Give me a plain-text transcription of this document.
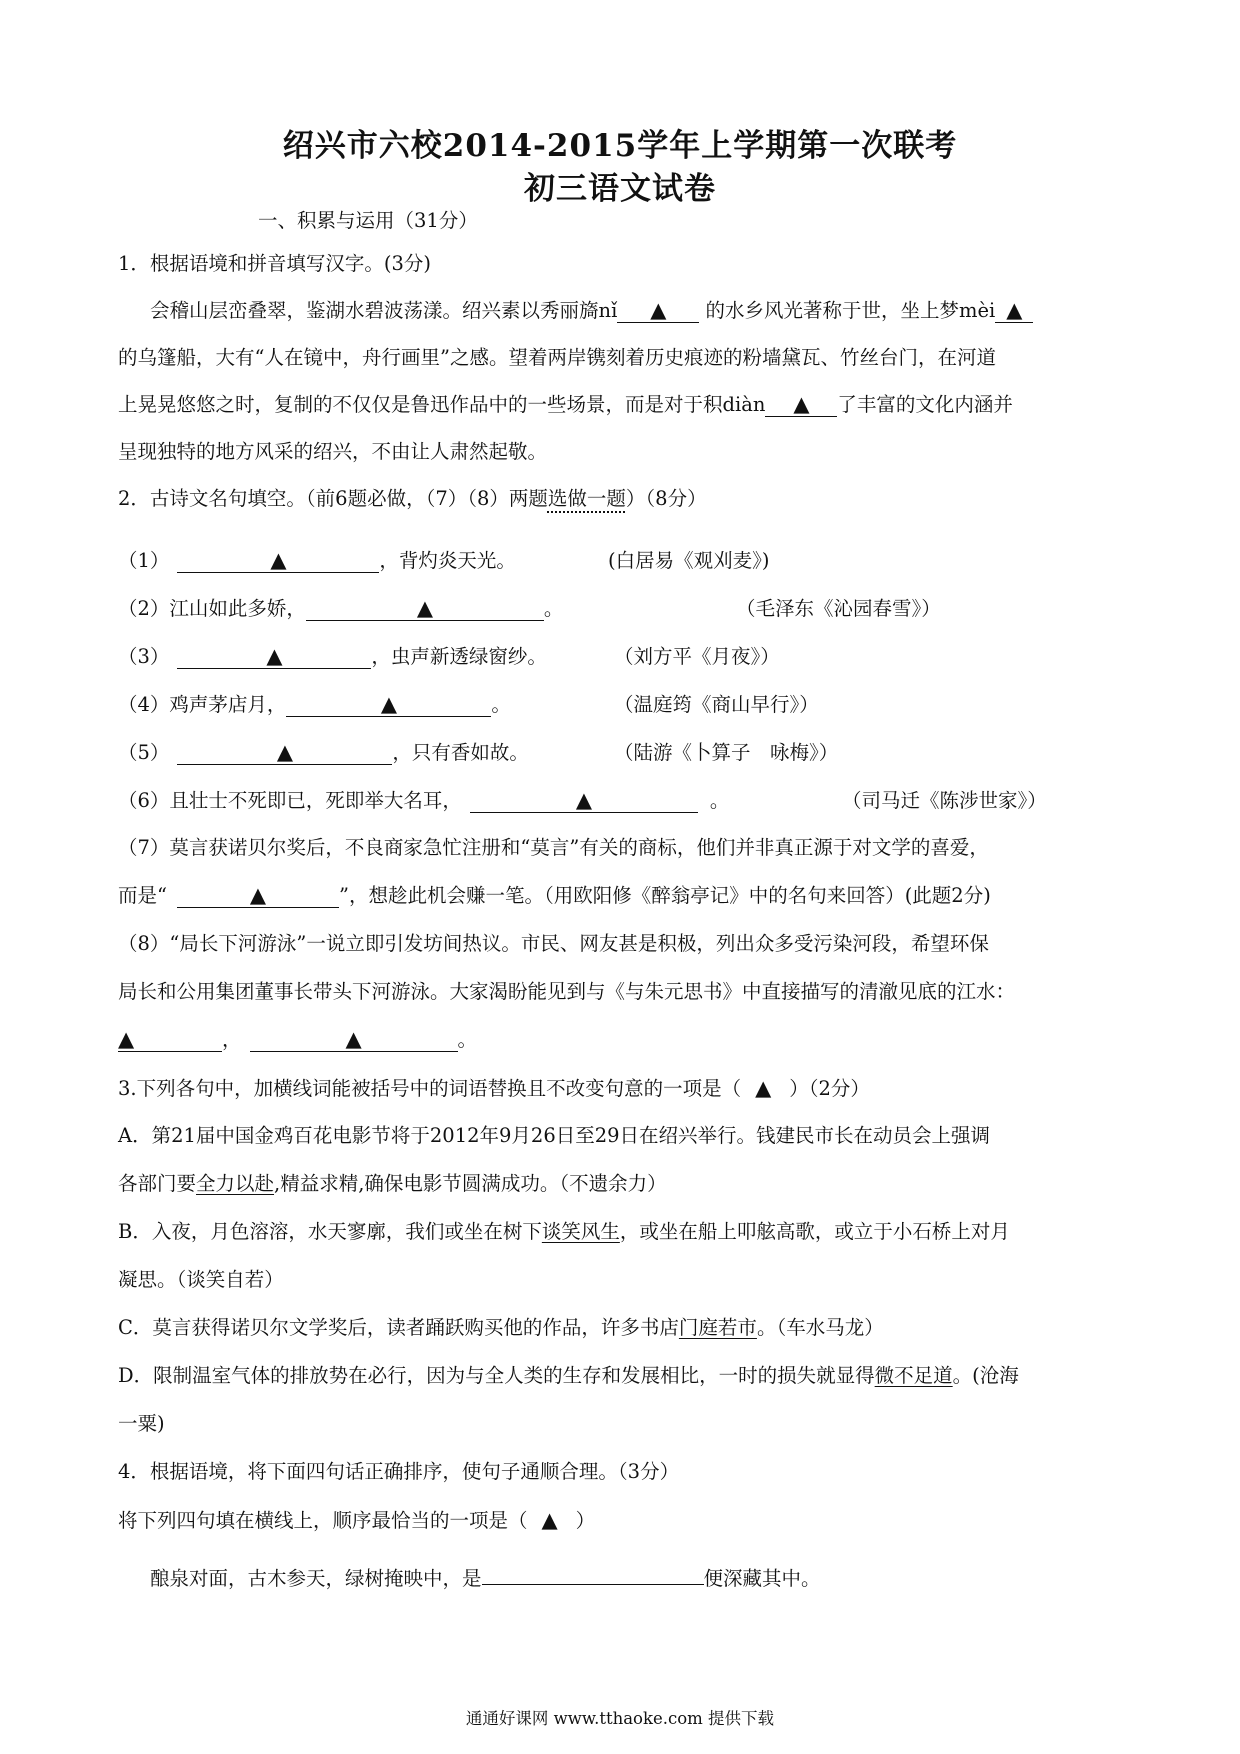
绍兴市六校2014-2015学年上学期第一次联考
初三语文试卷
一、积累与运用（31分）
1．根据语境和拼音填写汉字。(3分)
会稽山层峦叠翠，鉴湖水碧波荡漾。绍兴素以秀丽旖nǐ ▲ 的水乡风光著称于世，坐上梦mèi ▲
的乌篷船，大有“人在镜中，舟行画里”之感。望着两岸镌刻着历史痕迹的粉墙黛瓦、竹丝台门，在河道
上晃晃悠悠之时，复制的不仅仅是鲁迅作品中的一些场景，而是对于积diàn ▲ 了丰富的文化内涵并
呈现独特的地方风采的绍兴，不由让人肃然起敬。
2．古诗文名句填空。（前6题必做，（7）（8）两题选做一题）（8分）
（1）	▲	，背灼炎天光。	(白居易《观刈麦》)
（2）江山如此多娇，	▲	。	（毛泽东《沁园春雪》）
（3）	▲	，虫声新透绿窗纱。	（刘方平《月夜》）
（4）鸡声茅店月，	▲	。	（温庭筠《商山早行》）
（5）	▲	，只有香如故。	（陆游《卜算子　咏梅》）
（6）且壮士不死即已，死即举大名耳，	▲	。	（司马迁《陈涉世家》）
（7）莫言获诺贝尔奖后，不良商家急忙注册和“莫言”有关的商标，他们并非真正源于对文学的喜爱，
而是“	▲	”，想趁此机会赚一笔。（用欧阳修《醉翁亭记》中的名句来回答）(此题2分)
（8）“局长下河游泳”一说立即引发坊间热议。市民、网友甚是积极，列出众多受污染河段，希望环保
局长和公用集团董事长带头下河游泳。大家渴盼能见到与《与朱元思书》中直接描写的清澈见底的江水：
▲	，	▲	。
3.下列各句中，加横线词能被括号中的词语替换且不改变句意的一项是（ ▲ ）（2分）
A．第21届中国金鸡百花电影节将于2012年9月26日至29日在绍兴举行。钱建民市长在动员会上强调
各部门要全力以赴,精益求精,确保电影节圆满成功。（不遗余力）
B．入夜，月色溶溶，水天寥廓，我们或坐在树下谈笑风生，或坐在船上叩舷高歌，或立于小石桥上对月
凝思。（谈笑自若）
C．莫言获得诺贝尔文学奖后，读者踊跃购买他的作品，许多书店门庭若市。（车水马龙）
D．限制温室气体的排放势在必行，因为与全人类的生存和发展相比，一时的损失就显得微不足道。(沧海
一粟)
4．根据语境，将下面四句话正确排序，使句子通顺合理。（3分）
将下列四句填在横线上，顺序最恰当的一项是（ ▲ ）
酿泉对面，古木参天，绿树掩映中，是	便深藏其中。
通通好课网 www.tthaoke.com 提供下载
